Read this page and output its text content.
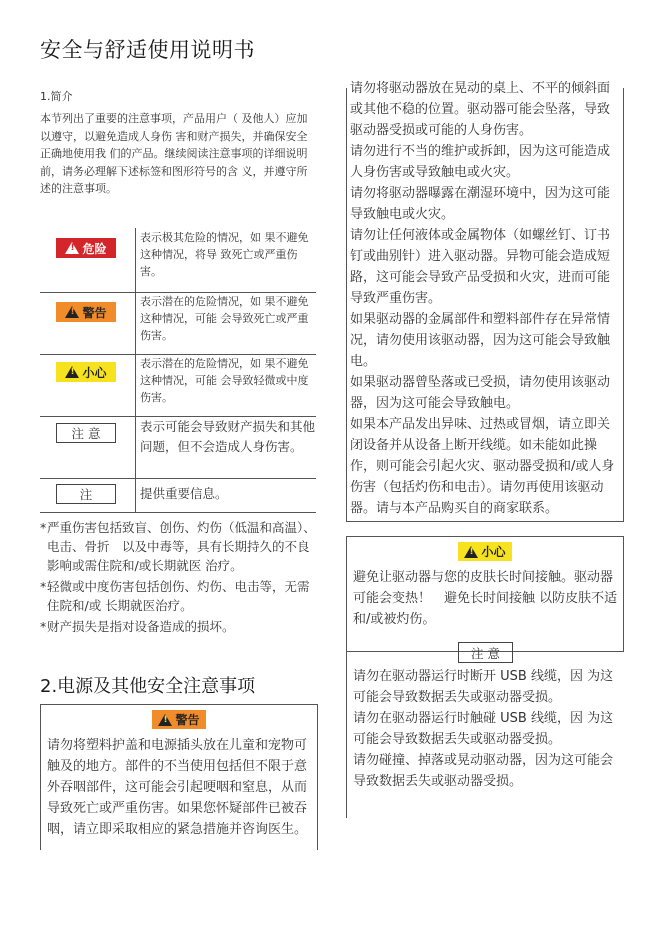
安全与舒适使用说明书
1.简介
本节列出了重要的注意事项，产品用户（ 及他人）应加以遵守，以避免造成人身伤 害和财产损失，并确保安全正确地使用我 们的产品。继续阅读注意事项的详细说明 前，请务必理解下述标签和图形符号的含 义，并遵守所述的注意事项。
!
危险
表示极其危险的情况，如 果不避免这种情况，将导 致死亡或严重伤害。
!
警告
表示潜在的危险情况，如 果不避免这种情况，可能 会导致死亡或严重伤害。
!
小心
表示潜在的危险情况，如 果不避免这种情况，可能 会导致轻微或中度伤害。
注 意	表示可能会导致财产损失和其他问题，但不会造成人身伤害。
注	提供重要信息。
* 严重伤害包括致盲、创伤、灼伤（低温和高温）、电击、骨折　以及中毒等，具有长期持久的不良影响或需住院和/或长期就医 治疗。
* 轻微或中度伤害包括创伤、灼伤、电击等，无需住院和/或 长期就医治疗。
* 财产损失是指对设备造成的损坏。
2.电源及其他安全注意事项
!
警告
请勿将塑料护盖和电源插头放在儿童和宠物可触及的地方。部件的不当使用包括但不限于意外吞咽部件，这可能会引起哽咽和窒息，从而导致死亡或严重伤害。如果您怀疑部件已被吞咽，请立即采取相应的紧急措施并咨询医生。
请勿将驱动器放在晃动的桌上、不平的倾斜面或其他不稳的位置。驱动器可能会坠落，导致驱动器受损或可能的人身伤害。
请勿进行不当的维护或拆卸，因为这可能造成人身伤害或导致触电或火灾。
请勿将驱动器曝露在潮湿环境中，因为这可能导致触电或火灾。
请勿让任何液体或金属物体（如螺丝钉、订书钉或曲别针）进入驱动器。异物可能会造成短路，这可能会导致产品受损和火灾，进而可能导致严重伤害。
如果驱动器的金属部件和塑料部件存在异常情况，请勿使用该驱动器，因为这可能会导致触电。
如果驱动器曾坠落或已受损，请勿使用该驱动器，因为这可能会导致触电。
如果本产品发出异味、过热或冒烟，请立即关闭设备并从设备上断开线缆。如未能如此操作，则可能会引起火灾、驱动器受损和/或人身伤害（包括灼伤和电击）。请勿再使用该驱动器。请与本产品购买自的商家联系。
!
小心
避免让驱动器与您的皮肤长时间接触。驱动器可能会变热！　避免长时间接触 以防皮肤不适和/或被灼伤。
注 意
请勿在驱动器运行时断开 USB 线缆，因 为这可能会导致数据丢失或驱动器受损。
请勿在驱动器运行时触碰 USB 线缆，因 为这可能会导致数据丢失或驱动器受损。
请勿碰撞、掉落或晃动驱动器，因为这可能会导致数据丢失或驱动器受损。
